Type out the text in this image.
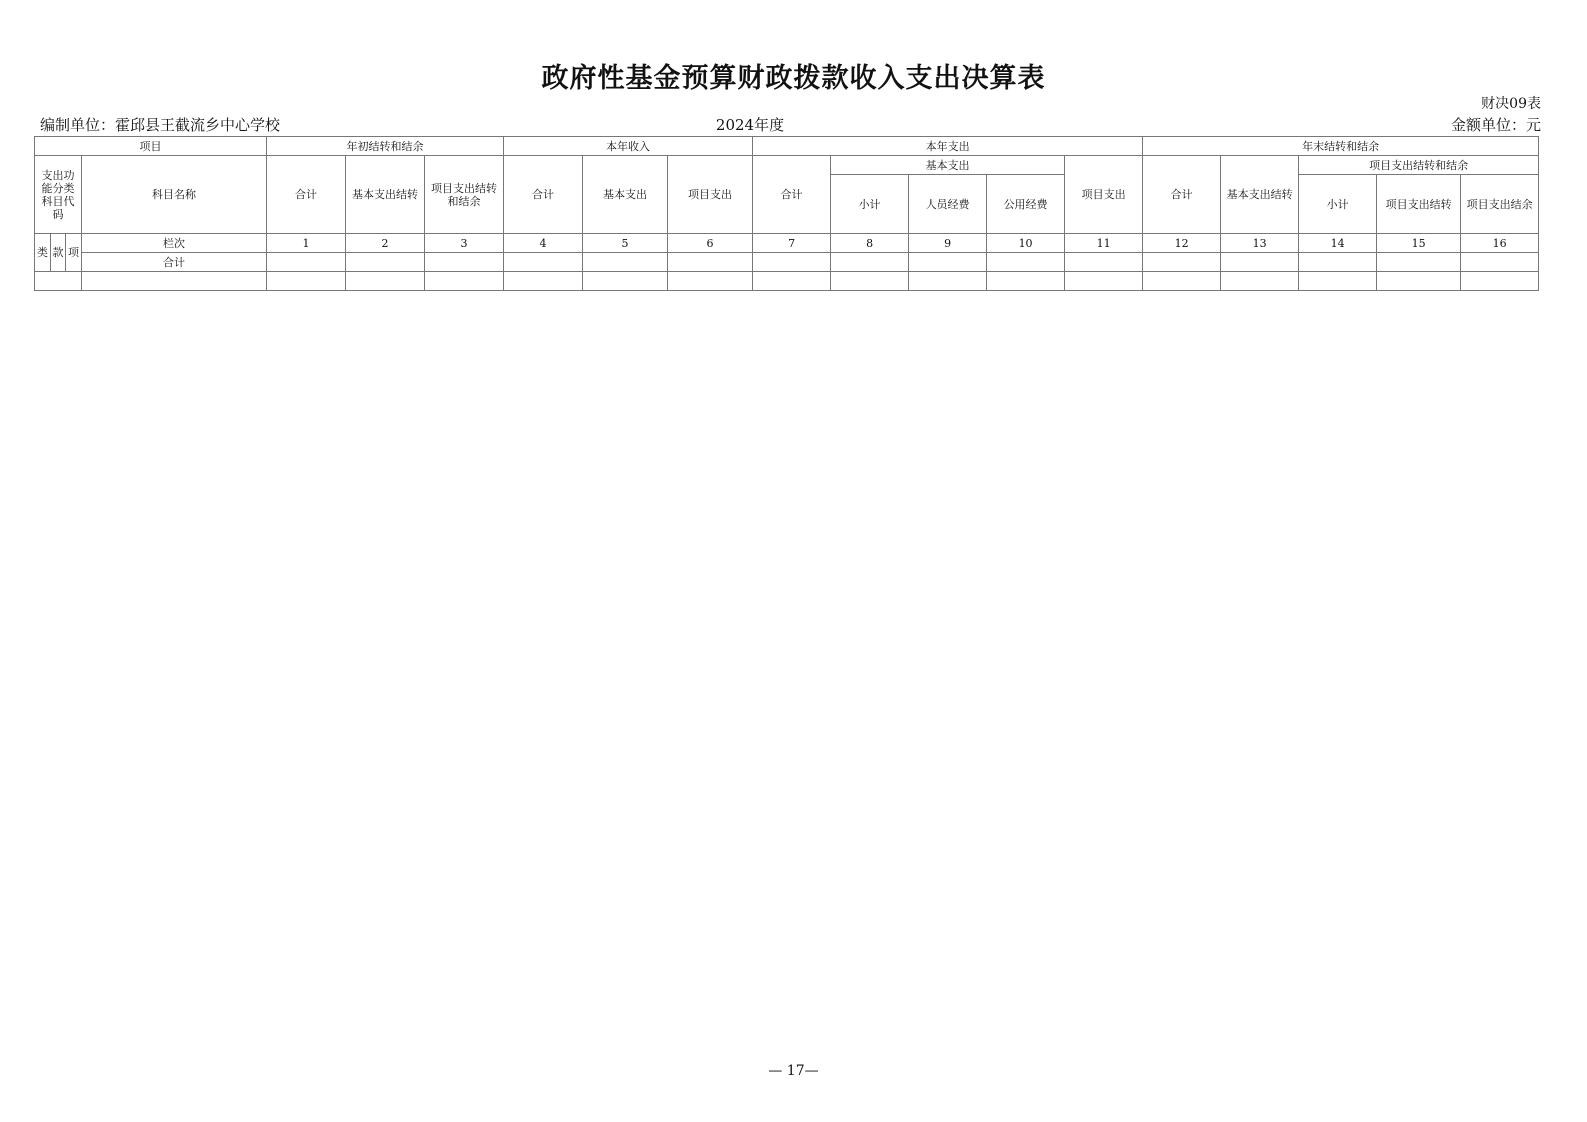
政府性基金预算财政拨款收入支出决算表
财决09表
编制单位：霍邱县王截流乡中心学校	2024年度	金额单位：元
项目				年初结转和结余			本年收入			本年支出					年末结转和结余				
支出功能分类科目代码			科目名称	合计	基本支出结转	项目支出结转和结余	合计	基本支出	项目支出	合计	基本支出			项目支出	合计	基本支出结转	项目支出结转和结余		
											小计	人员经费	公用经费				小计	项目支出结转	项目支出结余
类	款	项	栏次	1	2	3	4	5	6	7	8	9	10	11	12	13	14	15	16
			合计																

— 17—
